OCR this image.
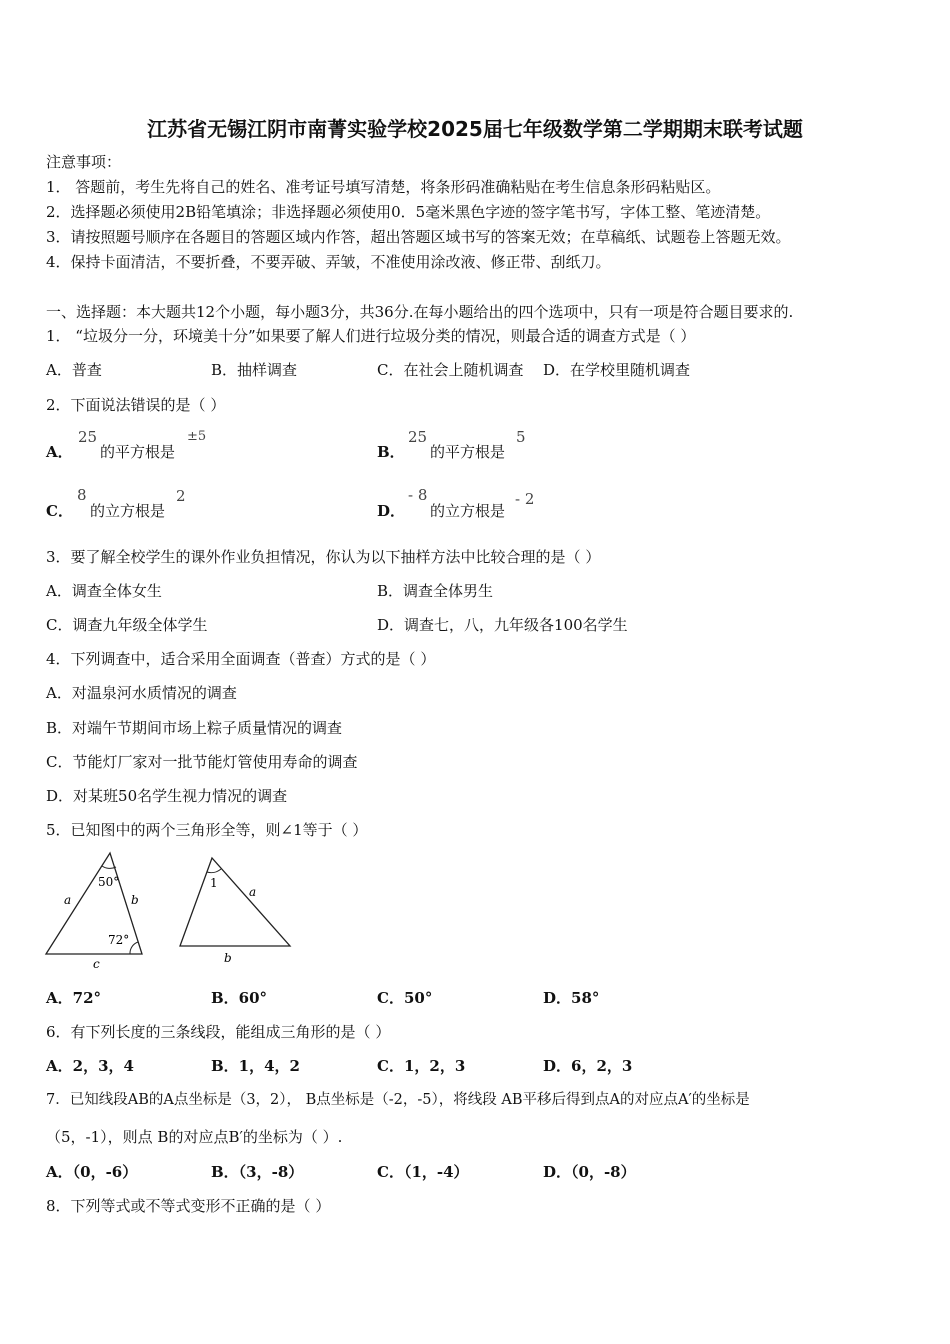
江苏省无锡江阴市南菁实验学校2025届七年级数学第二学期期末联考试题
注意事项：
1． 答题前，考生先将自己的姓名、准考证号填写清楚，将条形码准确粘贴在考生信息条形码粘贴区。
2．选择题必须使用2B铅笔填涂；非选择题必须使用0．5毫米黑色字迹的签字笔书写，字体工整、笔迹清楚。
3．请按照题号顺序在各题目的答题区域内作答，超出答题区域书写的答案无效；在草稿纸、试题卷上答题无效。
4．保持卡面清洁，不要折叠，不要弄破、弄皱，不准使用涂改液、修正带、刮纸刀。
一、选择题：本大题共12个小题，每小题3分，共36分.在每小题给出的四个选项中，只有一项是符合题目要求的.
1． “垃圾分一分，环境美十分”如果要了解人们进行垃圾分类的情况，则最合适的调查方式是（ ）
A．普查	B．抽样调查	C．在社会上随机调查 D．在学校里随机调查
2．下面说法错误的是（ ）
A．
25
的平方根是
±5
B．
25
的平方根是
5
C．
8
的立方根是
2
D．
- 8
的立方根是
- 2
3．要了解全校学生的课外作业负担情况，你认为以下抽样方法中比较合理的是（ ）
A．调查全体女生	B．调查全体男生
C．调查九年级全体学生	D．调查七，八，九年级各100名学生
4．下列调查中，适合采用全面调查（普查）方式的是（ ）
A．对温泉河水质情况的调查
B．对端午节期间市场上粽子质量情况的调查
C．节能灯厂家对一批节能灯管使用寿命的调查
D．对某班50名学生视力情况的调查
5．已知图中的两个三角形全等，则∠1等于（ ）
50°
72°
a	b
c
1
a
b
A．72°	B．60°	C．50°	D．58°
6．有下列长度的三条线段，能组成三角形的是（ ）
A．2，3，4	B．1，4，2	C．1，2，3	D．6，2，3
7．已知线段AB的A点坐标是（3，2）， B点坐标是（-2，-5），将线段 AB平移后得到点A的对应点A′的坐标是
（5，-1），则点 B的对应点B′的坐标为（ ）.
A．（0，-6）	B．（3，-8）	C．（1，-4）	D．（0，-8）
8．下列等式或不等式变形不正确的是（ ）
